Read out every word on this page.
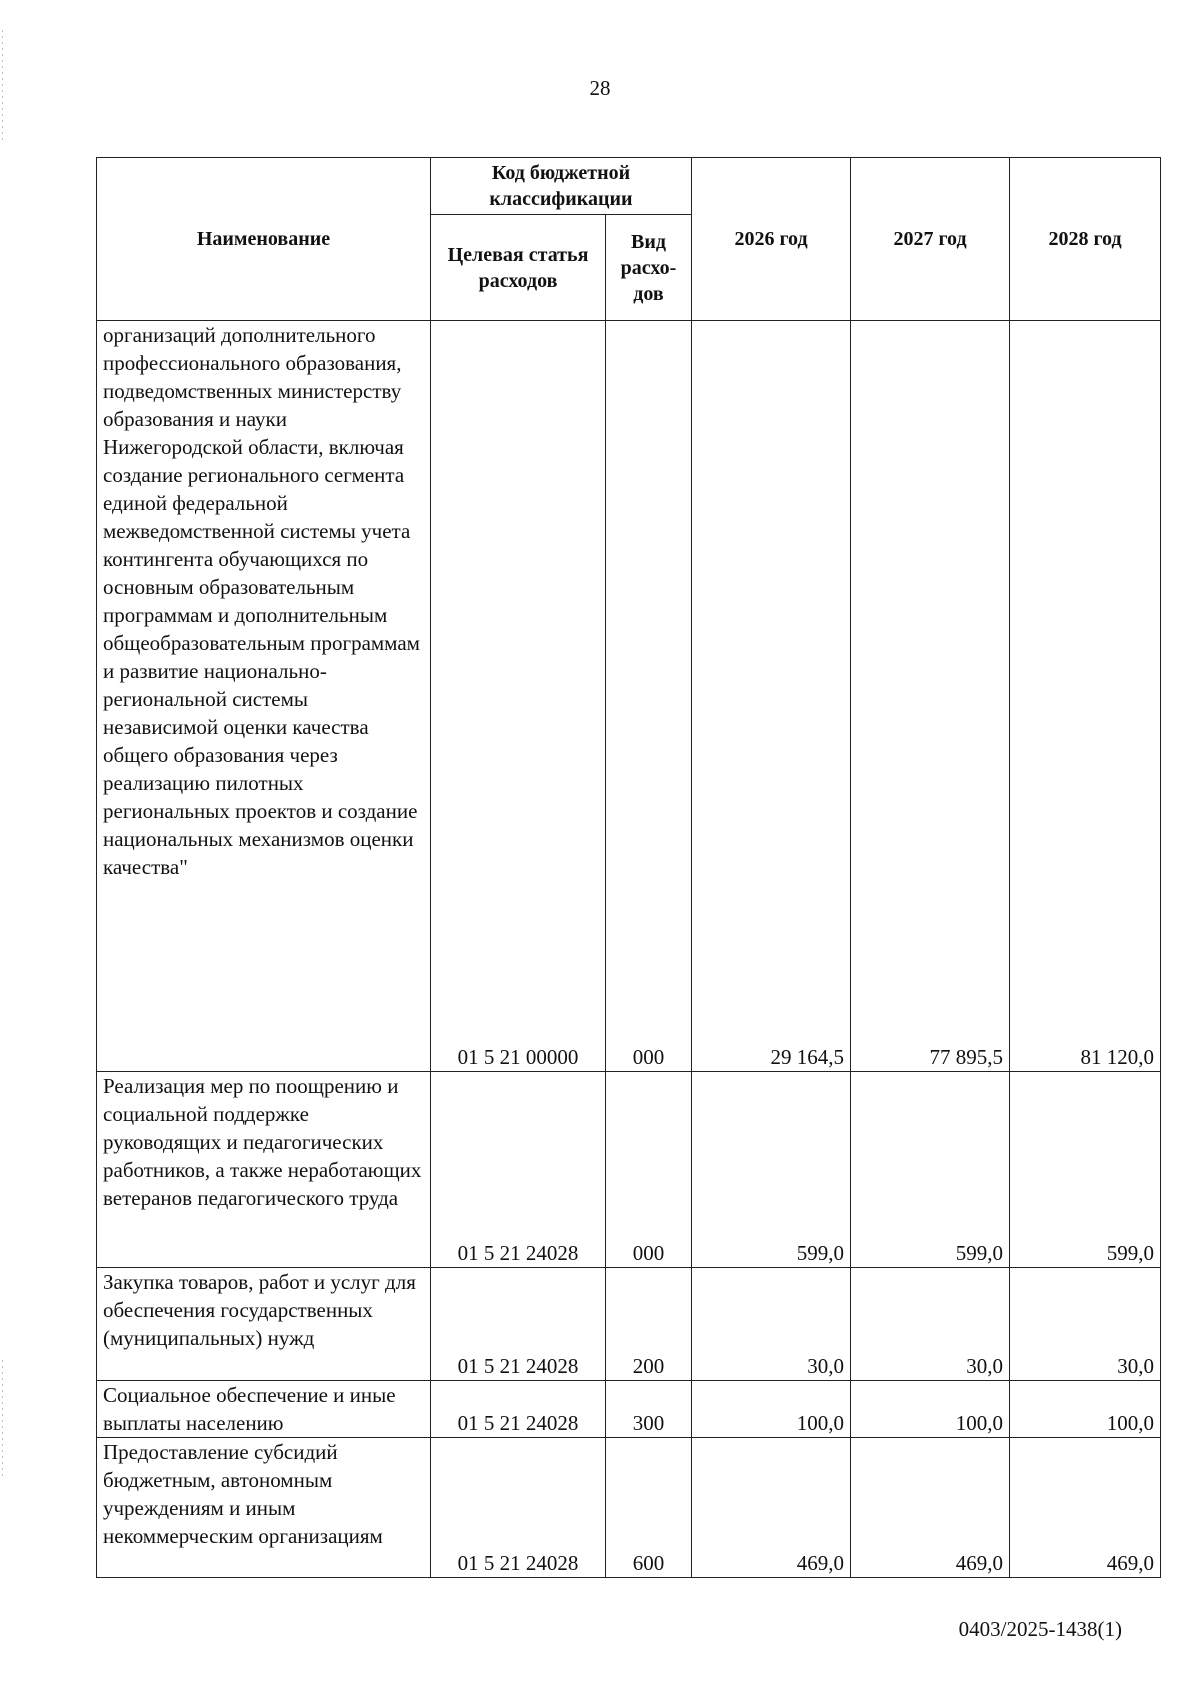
28
Наименование	Код бюджетной классификации		2026 год	2027 год	2028 год
	Целевая статья расходов	Вид расхо-дов			
организаций дополнительного профессионального образования, подведомственных министерству образования и науки Нижегородской области, включая создание регионального сегмента единой федеральной межведомственной системы учета контингента обучающихся по основным образовательным программам и дополнительным общеобразовательным программам и развитие национально-региональной системы независимой оценки качества общего образования через реализацию пилотных региональных проектов и создание национальных механизмов оценки качества"	01 5 21 00000	000	29 164,5	77 895,5	81 120,0
Реализация мер по поощрению и социальной поддержке руководящих и педагогических работников, а также неработающих ветеранов педагогического труда	01 5 21 24028	000	599,0	599,0	599,0
Закупка товаров, работ и услуг для обеспечения государственных (муниципальных) нужд	01 5 21 24028	200	30,0	30,0	30,0
Социальное обеспечение и иные выплаты населению	01 5 21 24028	300	100,0	100,0	100,0
Предоставление субсидий бюджетным, автономным учреждениям и иным некоммерческим организациям	01 5 21 24028	600	469,0	469,0	469,0
0403/2025-1438(1)
